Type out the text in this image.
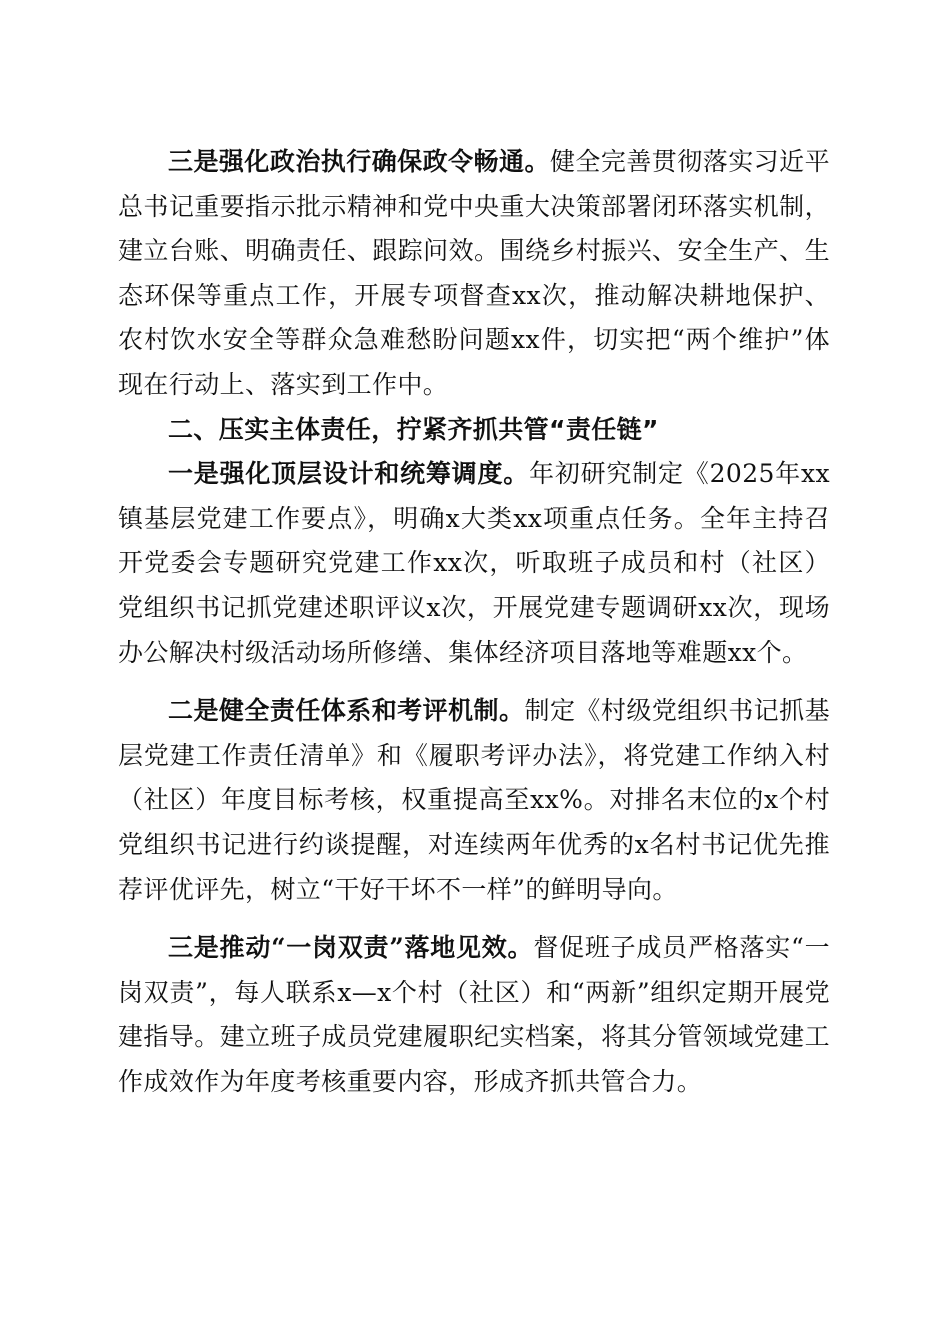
三是强化政治执行确保政令畅通。健全完善贯彻落实习近平总书记重要指示批示精神和党中央重大决策部署闭环落实机制，建立台账、明确责任、跟踪问效。围绕乡村振兴、安全生产、生态环保等重点工作，开展专项督查xx次，推动解决耕地保护、农村饮水安全等群众急难愁盼问题xx件，切实把“两个维护”体现在行动上、落实到工作中。

二、压实主体责任，拧紧齐抓共管“责任链”

一是强化顶层设计和统筹调度。年初研究制定《2025年xx镇基层党建工作要点》，明确x大类xx项重点任务。全年主持召开党委会专题研究党建工作xx次，听取班子成员和村（社区）党组织书记抓党建述职评议x次，开展党建专题调研xx次，现场办公解决村级活动场所修缮、集体经济项目落地等难题xx个。

二是健全责任体系和考评机制。制定《村级党组织书记抓基层党建工作责任清单》和《履职考评办法》，将党建工作纳入村（社区）年度目标考核，权重提高至xx%。对排名末位的x个村党组织书记进行约谈提醒，对连续两年优秀的x名村书记优先推荐评优评先，树立“干好干坏不一样”的鲜明导向。

三是推动“一岗双责”落地见效。督促班子成员严格落实“一岗双责”，每人联系x—x个村（社区）和“两新”组织定期开展党建指导。建立班子成员党建履职纪实档案，将其分管领域党建工作成效作为年度考核重要内容，形成齐抓共管合力。
